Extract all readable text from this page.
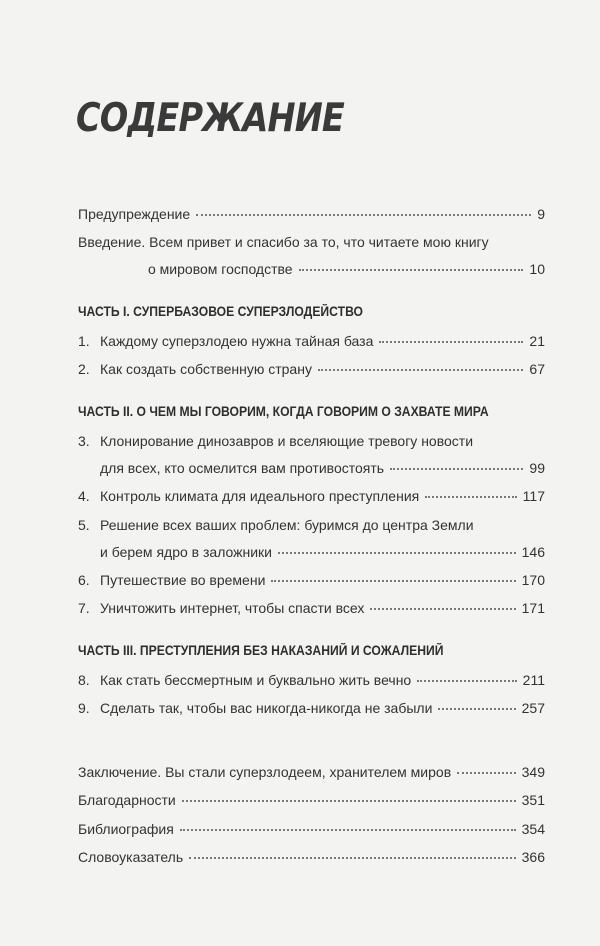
СОДЕРЖАНИЕ
Предупреждение	9
Введение. Всем привет и спасибо за то, что читаете мою книгу
о мировом господстве	10
ЧАСТЬ I. СУПЕРБАЗОВОЕ СУПЕРЗЛОДЕЙСТВО
1. Каждому суперзлодею нужна тайная база	21
2. Как создать собственную страну	67
ЧАСТЬ II. О ЧЕМ МЫ ГОВОРИМ, КОГДА ГОВОРИМ О ЗАХВАТЕ МИРА
3. Клонирование динозавров и вселяющие тревогу новости
для всех, кто осмелится вам противостоять	99
4. Контроль климата для идеального преступления	117
5. Решение всех ваших проблем: буримся до центра Земли
и берем ядро в заложники	146
6. Путешествие во времени	170
7. Уничтожить интернет, чтобы спасти всех	171
ЧАСТЬ III. ПРЕСТУПЛЕНИЯ БЕЗ НАКАЗАНИЙ И СОЖАЛЕНИЙ
8. Как стать бессмертным и буквально жить вечно	211
9. Сделать так, чтобы вас никогда-никогда не забыли	257
Заключение. Вы стали суперзлодеем, хранителем миров	349
Благодарности	351
Библиография	354
Словоуказатель	366
